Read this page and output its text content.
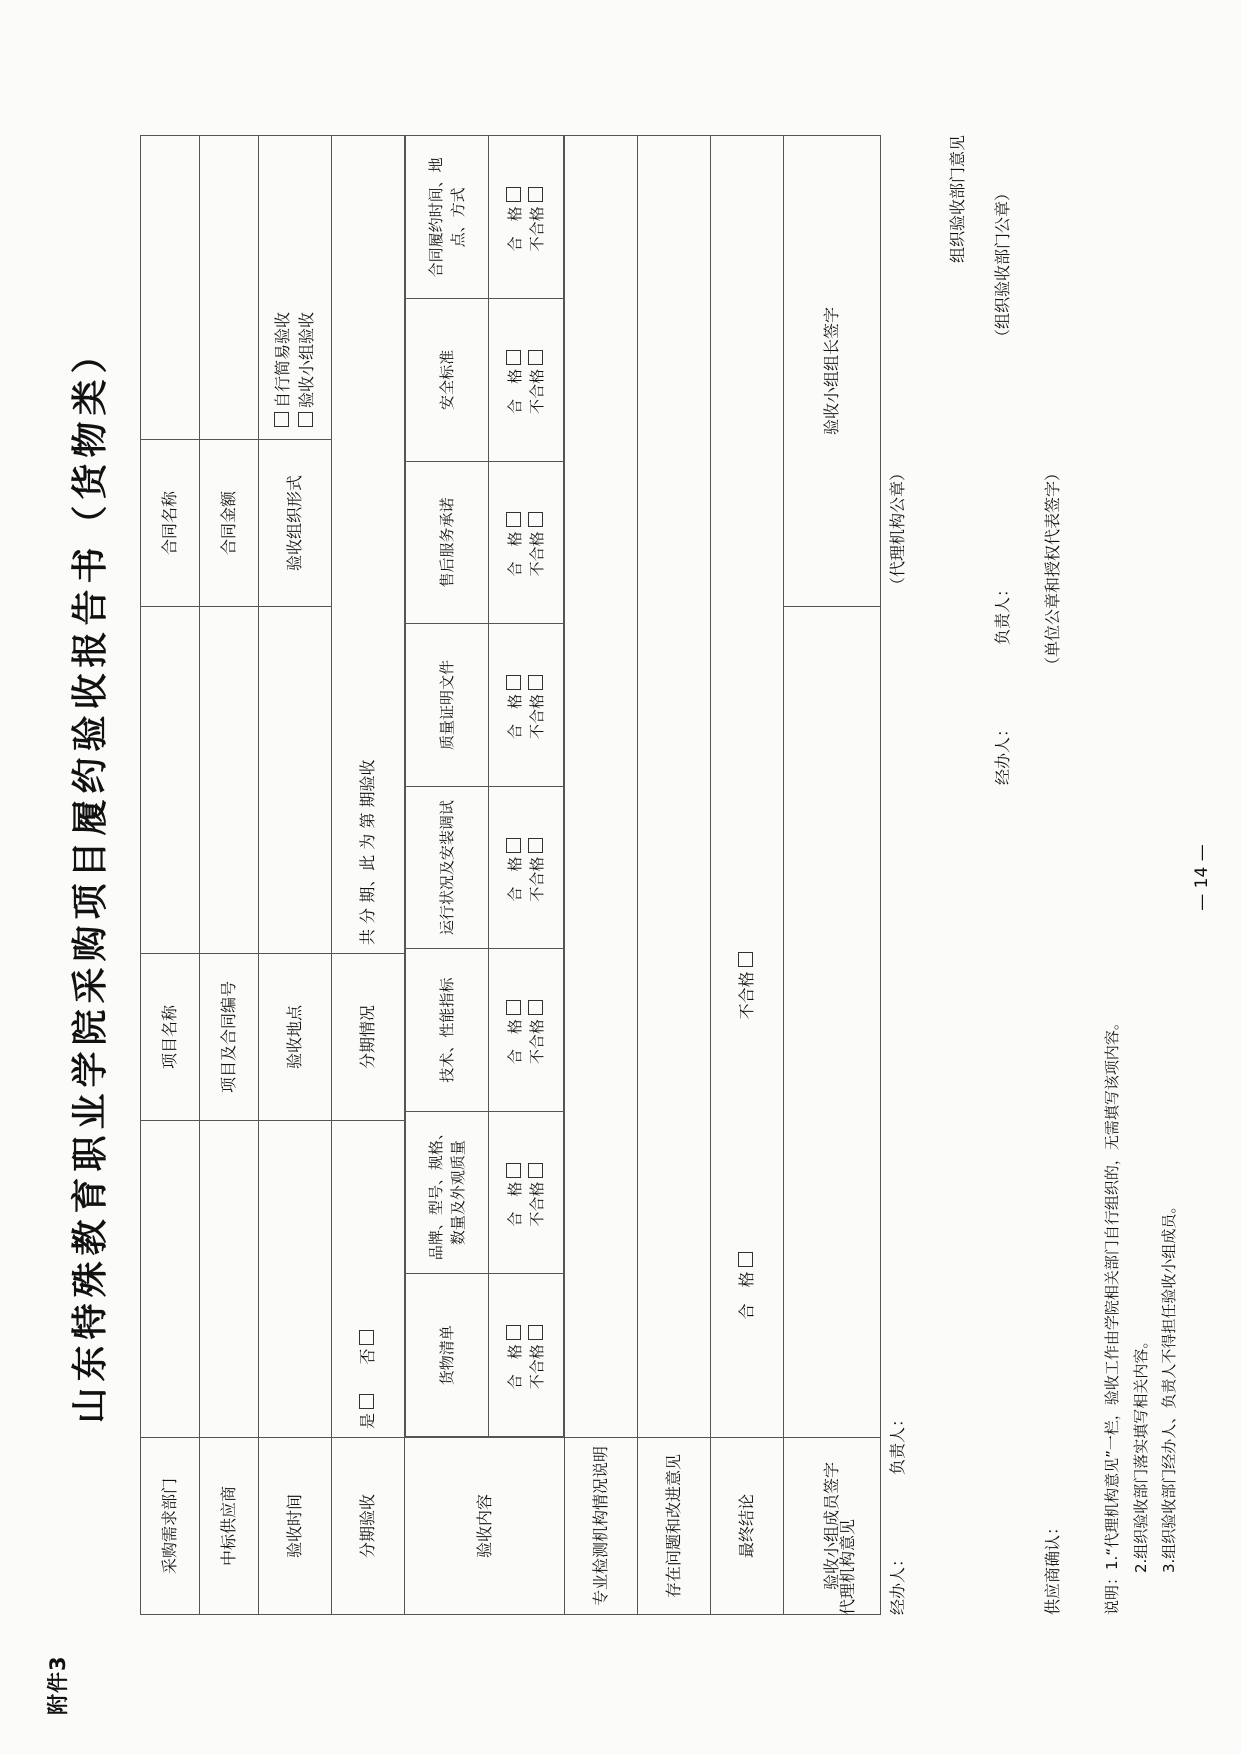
附件3
山东特殊教育职业学院采购项目履约验收报告书（货物类）
采购需求部门		项目名称		合同名称	
中标供应商		项目及合同编号		合同金额	
验收时间		验收地点		验收组织形式	自行简易验收 验收小组验收
分期验收	是     否	分期情况	共 分 期、此 为 第 期验收
验收内容	
货物清单	品牌、型号、规格、数量及外观质量	技术、性能指标	运行状况及安装调试	质量证明文件	售后服务承诺	安全标准	合同履约时间、地点、方式
合　格 不合格	合　格 不合格	合　格 不合格	合　格 不合格	合　格 不合格	合　格 不合格	合　格 不合格	合　格 不合格

专业检测机构情况说明	
存在问题和改进意见	
最终结论	合　格 不合格
验收小组成员签字		验收小组组长签字
代理机构意见 经办人：
负责人：
（代理机构公章）
组织验收部门意见
经办人：
负责人：
（组织验收部门公章）
供应商确认：
（单位公章和授权代表签字）
说明：1.“代理机构意见”一栏，验收工作由学院相关部门自行组织的，无需填写该项内容。 2.组织验收部门落实填写相关内容。 3.组织验收部门经办人、负责人不得担任验收小组成员。
— 14 —
